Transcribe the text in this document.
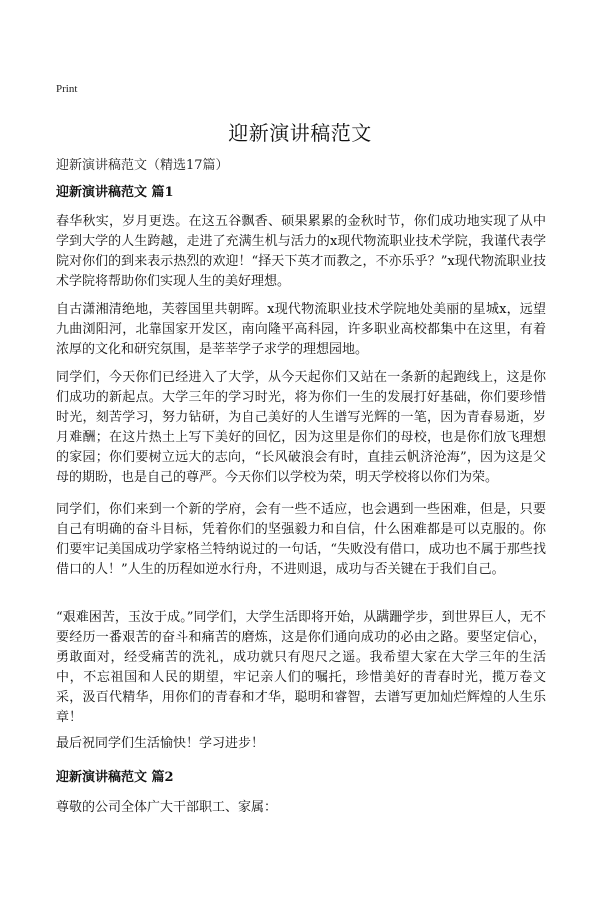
Print
迎新演讲稿范文
迎新演讲稿范文（精选17篇）
迎新演讲稿范文 篇1

春华秋实，岁月更迭。在这五谷飘香、硕果累累的金秋时节，你们成功地实现了从中学到大学的人生跨越，走进了充满生机与活力的x现代物流职业技术学院，我谨代表学院对你们的到来表示热烈的欢迎！“择天下英才而教之，不亦乐乎？”x现代物流职业技术学院将帮助你们实现人生的美好理想。

自古潇湘清绝地，芙蓉国里共朝晖。x现代物流职业技术学院地处美丽的星城x，远望九曲浏阳河，北靠国家开发区，南向隆平高科园，许多职业高校都集中在这里，有着浓厚的文化和研究氛围，是莘莘学子求学的理想园地。

同学们，今天你们已经进入了大学，从今天起你们又站在一条新的起跑线上，这是你们成功的新起点。大学三年的学习时光，将为你们一生的发展打好基础，你们要珍惜时光，刻苦学习，努力钻研，为自己美好的人生谱写光辉的一笔，因为青春易逝，岁月难酬；在这片热土上写下美好的回忆，因为这里是你们的母校，也是你们放飞理想的家园；你们要树立远大的志向，“长风破浪会有时，直挂云帆济沧海”，因为这是父母的期盼，也是自己的尊严。今天你们以学校为荣，明天学校将以你们为荣。

同学们，你们来到一个新的学府，会有一些不适应，也会遇到一些困难，但是，只要自己有明确的奋斗目标，凭着你们的坚强毅力和自信，什么困难都是可以克服的。你们要牢记美国成功学家格兰特纳说过的一句话，“失败没有借口，成功也不属于那些找借口的人！”人生的历程如逆水行舟，不进则退，成功与否关键在于我们自己。

“艰难困苦，玉汝于成。”同学们，大学生活即将开始，从蹒跚学步，到世界巨人，无不要经历一番艰苦的奋斗和痛苦的磨炼，这是你们通向成功的必由之路。要坚定信心，勇敢面对，经受痛苦的洗礼，成功就只有咫尺之遥。我希望大家在大学三年的生活中，不忘祖国和人民的期望，牢记亲人们的嘱托，珍惜美好的青春时光，揽万卷文采，汲百代精华，用你们的青春和才华，聪明和睿智，去谱写更加灿烂辉煌的人生乐章！

最后祝同学们生活愉快！学习进步！

迎新演讲稿范文 篇2

尊敬的公司全体广大干部职工、家属：
